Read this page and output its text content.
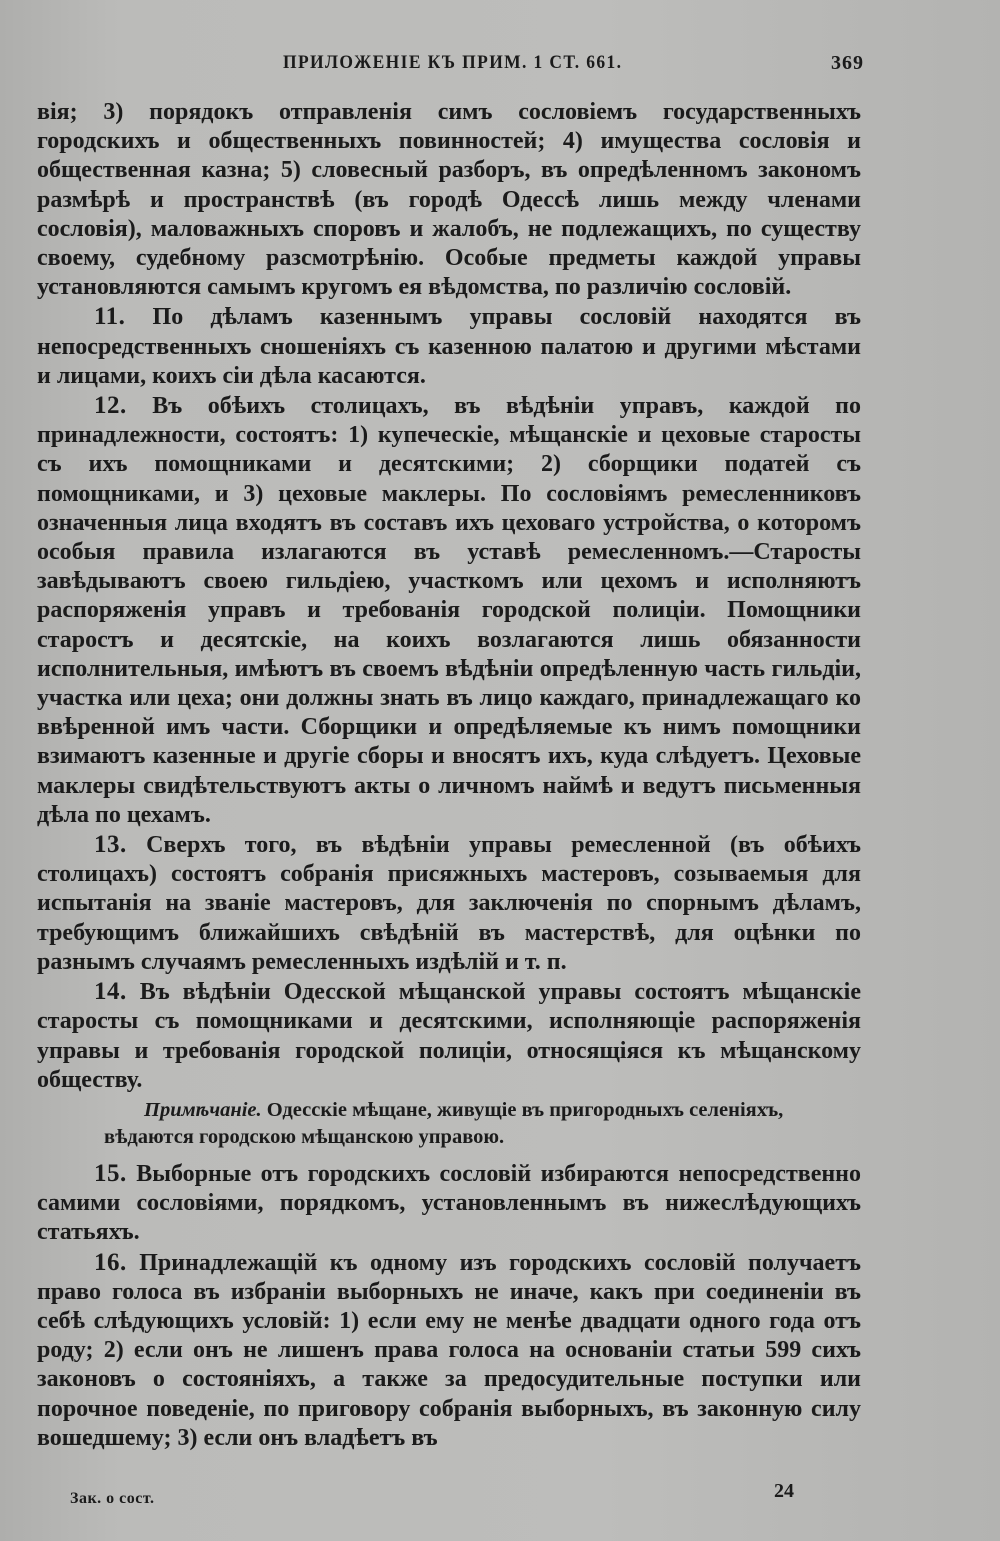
ПРИЛОЖЕНІЕ КЪ ПРИМ. 1 СТ. 661.	369

вія; 3) порядокъ отправленія симъ сословіемъ государственныхъ городскихъ и общественныхъ повинностей; 4) имущества сословія и общественная казна; 5) словесный разборъ, въ опредѣленномъ закономъ размѣрѣ и пространствѣ (въ городѣ Одессѣ лишь между членами сословія), маловажныхъ споровъ и жалобъ, не подлежащихъ, по существу своему, судебному разсмотрѣнію. Особые предметы каждой управы установляются самымъ кругомъ ея вѣдомства, по различію сословій.

11. По дѣламъ казеннымъ управы сословій находятся въ непосредственныхъ сношеніяхъ съ казенною палатою и другими мѣстами и лицами, коихъ сіи дѣла касаются.

12. Въ обѣихъ столицахъ, въ вѣдѣніи управъ, каждой по принадлежности, состоятъ: 1) купеческіе, мѣщанскіе и цеховые старосты съ ихъ помощниками и десятскими; 2) сборщики податей съ помощниками, и 3) цеховые маклеры. По сословіямъ ремесленниковъ означенныя лица входятъ въ составъ ихъ цеховаго устройства, о которомъ особыя правила излагаются въ уставѣ ремесленномъ.—Старосты завѣдываютъ своею гильдіею, участкомъ или цехомъ и исполняютъ распоряженія управъ и требованія городской полиціи. Помощники старостъ и десятскіе, на коихъ возлагаются лишь обязанности исполнительныя, имѣютъ въ своемъ вѣдѣніи опредѣленную часть гильдіи, участка или цеха; они должны знать въ лицо каждаго, принадлежащаго ко ввѣренной имъ части. Сборщики и опредѣляемые къ нимъ помощники взимаютъ казенные и другіе сборы и вносятъ ихъ, куда слѣдуетъ. Цеховые маклеры свидѣтельствуютъ акты о личномъ наймѣ и ведутъ письменныя дѣла по цехамъ.

13. Сверхъ того, въ вѣдѣніи управы ремесленной (въ обѣихъ столицахъ) состоятъ собранія присяжныхъ мастеровъ, созываемыя для испытанія на званіе мастеровъ, для заключенія по спорнымъ дѣламъ, требующимъ ближайшихъ свѣдѣній въ мастерствѣ, для оцѣнки по разнымъ случаямъ ремесленныхъ издѣлій и т. п.

14. Въ вѣдѣніи Одесской мѣщанской управы состоятъ мѣщанскіе старосты съ помощниками и десятскими, исполняющіе распоряженія управы и требованія городской полиціи, относящіяся къ мѣщанскому обществу.

Примѣчаніе. Одесскіе мѣщане, живущіе въ пригородныхъ селеніяхъ,
вѣдаются городскою мѣщанскою управою.

15. Выборные отъ городскихъ сословій избираются непосредственно самими сословіями, порядкомъ, установленнымъ въ нижеслѣдующихъ статьяхъ.

16. Принадлежащій къ одному изъ городскихъ сословій получаетъ право голоса въ избраніи выборныхъ не иначе, какъ при соединеніи въ себѣ слѣдующихъ условій: 1) если ему не менѣе двадцати одного года отъ роду; 2) если онъ не лишенъ права голоса на основаніи статьи 599 сихъ законовъ о состояніяхъ, а также за предосудительные поступки или порочное поведеніе, по приговору собранія выборныхъ, въ законную силу вошедшему; 3) если онъ владѣетъ въ

Зак. о сост.	24
